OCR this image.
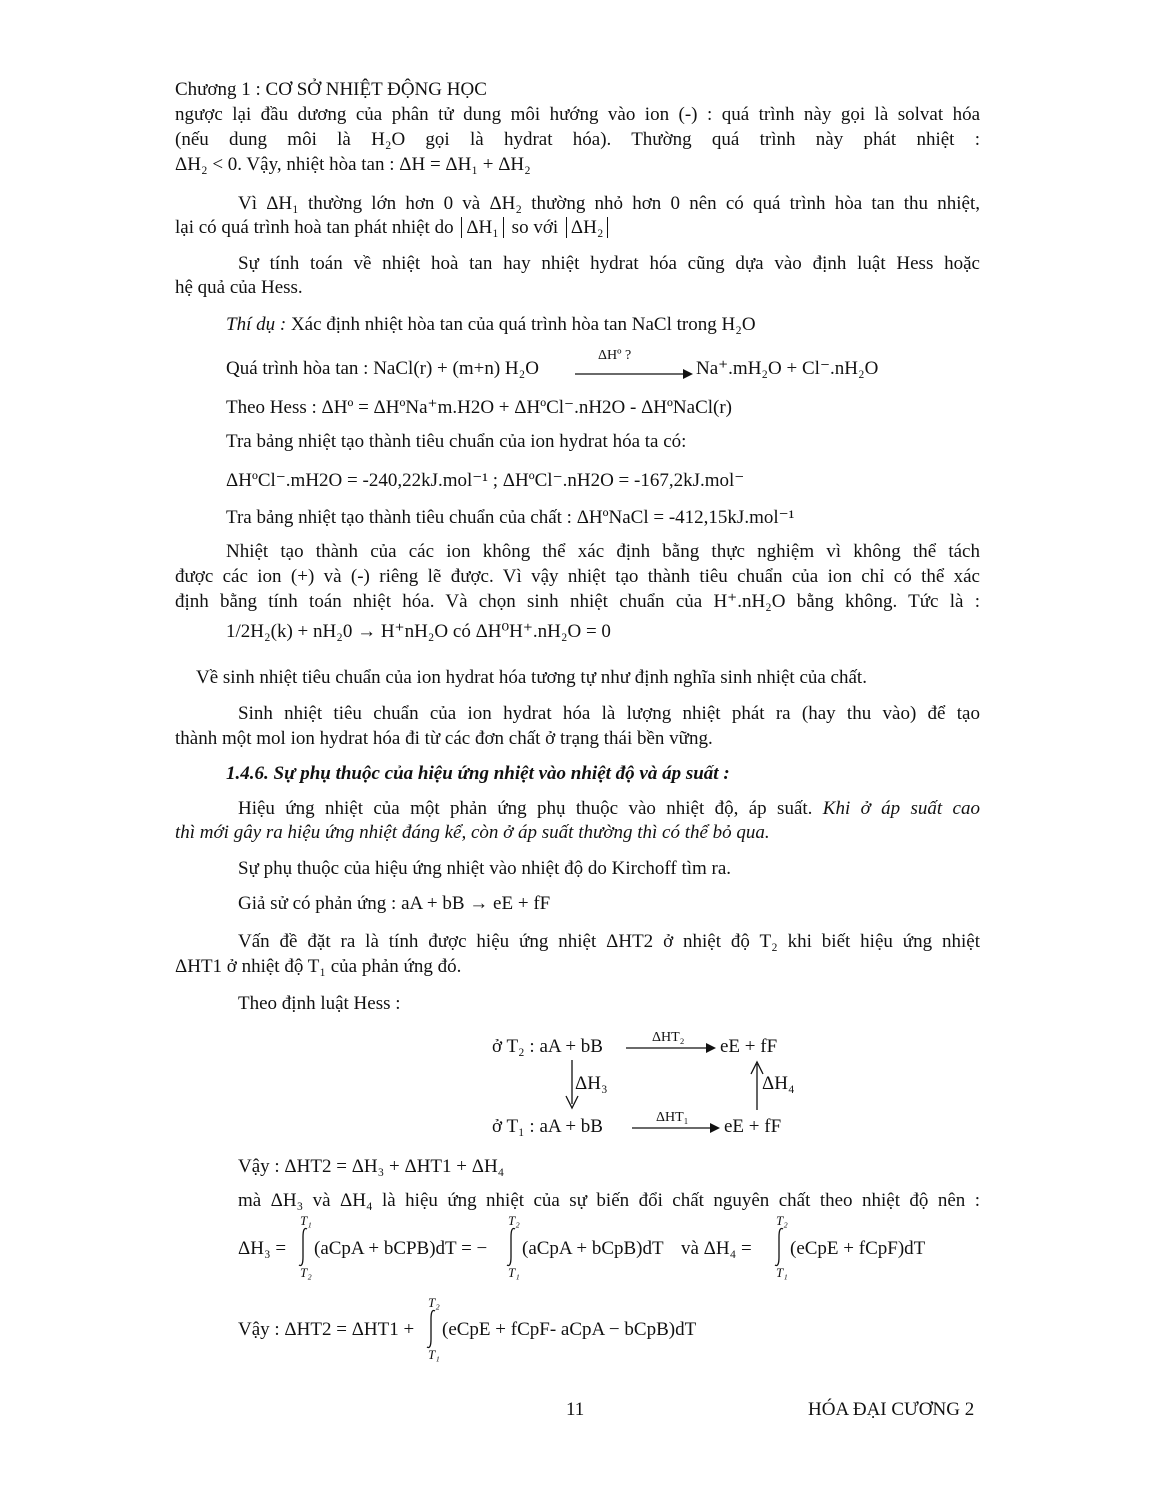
Chương 1 : CƠ SỞ NHIỆT ĐỘNG HỌC
ngược lại đầu dương của phân tử dung môi hướng vào ion (-) : quá trình này gọi là solvat hóa
(nếu dung môi là H₂O gọi là hydrat hóa). Thường quá trình này phát nhiệt :
ΔH₂ < 0. Vậy, nhiệt hòa tan : ΔH = ΔH₁ + ΔH₂
Vì ΔH₁ thường lớn hơn 0 và ΔH₂ thường nhỏ hơn 0 nên có quá trình hòa tan thu nhiệt,
lại có quá trình hoà tan phát nhiệt do ΔH₁ so với ΔH₂
Sự tính toán về nhiệt hoà tan hay nhiệt hydrat hóa cũng dựa vào định luật Hess hoặc
hệ quả của Hess.
Thí dụ : Xác định nhiệt hòa tan của quá trình hòa tan NaCl trong H₂O
Quá trình hòa tan : NaCl(r) + (m+n) H₂O
ΔHº ?
Na⁺.mH₂O + Cl⁻.nH₂O
Theo Hess : ΔHº = ΔHºNa⁺m.H2O + ΔHºCl⁻.nH2O - ΔHºNaCl(r)
Tra bảng nhiệt tạo thành tiêu chuẩn của ion hydrat hóa ta có:
ΔHºCl⁻.mH2O = -240,22kJ.mol⁻¹ ; ΔHºCl⁻.nH2O = -167,2kJ.mol⁻
Tra bảng nhiệt tạo thành tiêu chuẩn của chất : ΔHºNaCl = -412,15kJ.mol⁻¹
Nhiệt tạo thành của các ion không thể xác định bằng thực nghiệm vì không thể tách
được các ion (+) và (-) riêng lẽ được. Vì vậy nhiệt tạo thành tiêu chuẩn của ion chỉ có thể xác
định bằng tính toán nhiệt hóa. Và chọn sinh nhiệt chuẩn của H⁺.nH₂O bằng không. Tức là :
1/2H₂(k) + nH₂0 → H⁺nH₂O có ΔH⁰H⁺.nH₂O = 0
Về sinh nhiệt tiêu chuẩn của ion hydrat hóa tương tự như định nghĩa sinh nhiệt của chất.
Sinh nhiệt tiêu chuẩn của ion hydrat hóa là lượng nhiệt phát ra (hay thu vào) để tạo
thành một mol ion hydrat hóa đi từ các đơn chất ở trạng thái bền vững.
1.4.6. Sự phụ thuộc của hiệu ứng nhiệt vào nhiệt độ và áp suất :
Hiệu ứng nhiệt của một phản ứng phụ thuộc vào nhiệt độ, áp suất. Khi ở áp suất cao
thì mới gây ra hiệu ứng nhiệt đáng kể, còn ở áp suất thường thì có thể bỏ qua.
Sự phụ thuộc của hiệu ứng nhiệt vào nhiệt độ do Kirchoff tìm ra.
Giả sử có phản ứng : aA + bB → eE + fF
Vấn đề đặt ra là tính được hiệu ứng nhiệt ΔHT2 ở nhiệt độ T₂ khi biết hiệu ứng nhiệt
ΔHT1 ở nhiệt độ T₁ của phản ứng đó.
Theo định luật Hess :
ở T₂ : aA + bB	ΔHT₂ eE + fF
ΔH₃	ΔH₄
ở T₁ : aA + bB	ΔHT₁ eE + fF
Vậy : ΔHT2 = ΔH₃ + ΔHT1 + ΔH₄
mà ΔH₃ và ΔH₄ là hiệu ứng nhiệt của sự biến đổi chất nguyên chất theo nhiệt độ nên :
ΔH₃ =
T₁
T₂
(aCpA + bCPB)dT = −
T₂
T₁
(aCpA + bCpB)dT và ΔH₄ =
T₂
T₁
(eCpE + fCpF)dT
Vậy : ΔHT2 = ΔHT1 +
T₂
T₁
(eCpE + fCpF- aCpA − bCpB)dT
11	HÓA ĐẠI CƯƠNG 2
